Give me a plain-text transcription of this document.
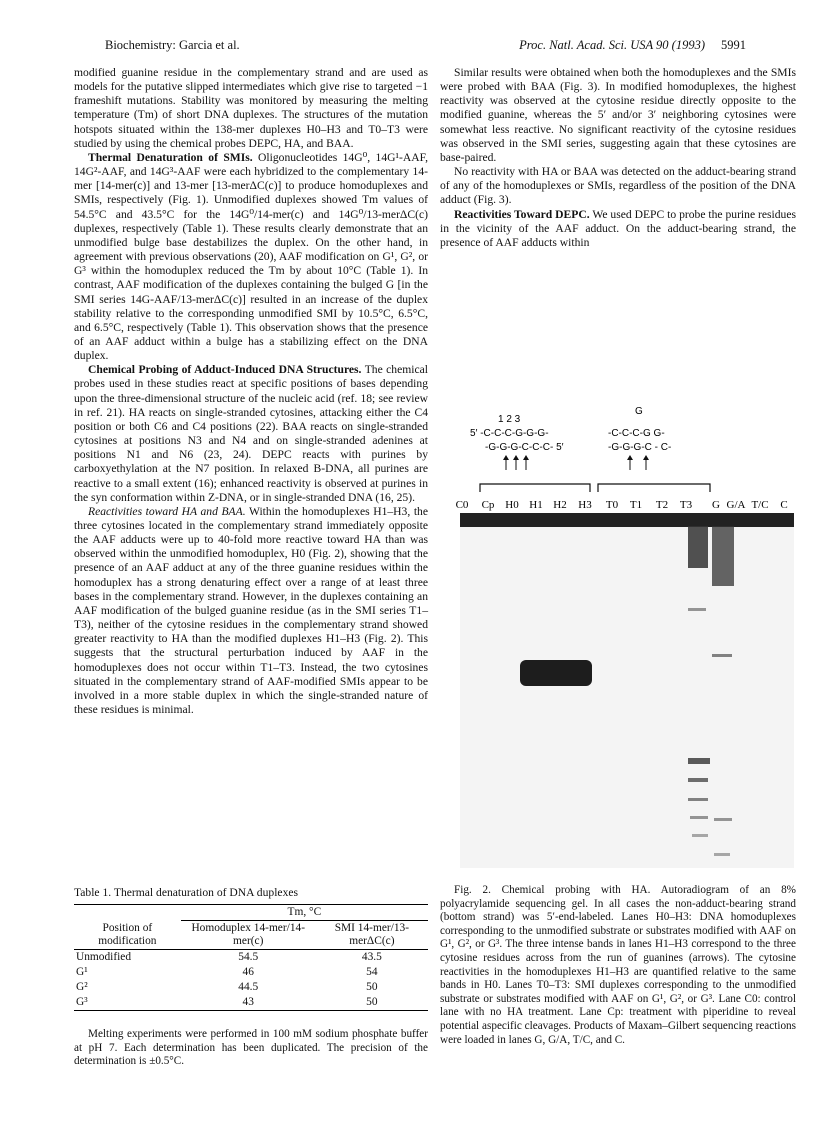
Biochemistry: Garcia et al.	Proc. Natl. Acad. Sci. USA 90 (1993) 5991

modified guanine residue in the complementary strand and are used as models for the putative slipped intermediates which give rise to targeted −1 frameshift mutations. Stability was monitored by measuring the melting temperature (Tm) of short DNA duplexes. The structures of the mutation hotspots situated within the 138-mer duplexes H0–H3 and T0–T3 were studied by using the chemical probes DEPC, HA, and BAA.

Thermal Denaturation of SMIs. Oligonucleotides 14G⁰, 14G¹-AAF, 14G²-AAF, and 14G³-AAF were each hybridized to the complementary 14-mer [14-mer(c)] and 13-mer [13-merΔC(c)] to produce homoduplexes and SMIs, respectively (Fig. 1). Unmodified duplexes showed Tm values of 54.5°C and 43.5°C for the 14G⁰/14-mer(c) and 14G⁰/13-merΔC(c) duplexes, respectively (Table 1). These results clearly demonstrate that an unmodified bulge base destabilizes the duplex. On the other hand, in agreement with previous observations (20), AAF modification on G¹, G², or G³ within the homoduplex reduced the Tm by about 10°C (Table 1). In contrast, AAF modification of the duplexes containing the bulged G [in the SMI series 14G-AAF/13-merΔC(c)] resulted in an increase of the duplex stability relative to the corresponding unmodified SMI by 10.5°C, 6.5°C, and 6.5°C, respectively (Table 1). This observation shows that the presence of an AAF adduct within a bulge has a stabilizing effect on the DNA duplex.

Chemical Probing of Adduct-Induced DNA Structures. The chemical probes used in these studies react at specific positions of bases depending upon the three-dimensional structure of the nucleic acid (ref. 18; see review in ref. 21). HA reacts on single-stranded cytosines, attacking either the C4 position or both C6 and C4 positions (22). BAA reacts on single-stranded cytosines at positions N3 and N4 and on single-stranded adenines at positions N1 and N6 (23, 24). DEPC reacts with purines by carboxyethylation at the N7 position. In relaxed B-DNA, all purines are reactive to a small extent (16); enhanced reactivity is observed at purines in the syn conformation within Z-DNA, or in single-stranded DNA (16, 25).

Reactivities toward HA and BAA. Within the homoduplexes H1–H3, the three cytosines located in the complementary strand immediately opposite the AAF adducts were up to 40-fold more reactive toward HA than was observed within the unmodified homoduplex, H0 (Fig. 2), showing that the presence of an AAF adduct at any of the three guanine residues within the homoduplex has a strong denaturing effect over a range of at least three bases in the complementary strand. However, in the duplexes containing an AAF modification of the bulged guanine residue (as in the SMI series T1–T3), neither of the cytosine residues in the complementary strand showed greater reactivity to HA than the modified duplexes H1–H3 (Fig. 2). This suggests that the structural perturbation induced by AAF in the homoduplexes does not occur within T1–T3. Instead, the two cytosines situated in the complementary strand of AAF-modified SMIs appear to be involved in a more stable duplex in which the single-stranded nature of these residues is minimal.

Table 1. Thermal denaturation of DNA duplexes
	Tm, °C	
Position of modification	Homoduplex 14-mer/14-mer(c)	SMI 14-mer/13-merΔC(c)
Unmodified	54.5	43.5
G¹	46	54
G²	44.5	50
G³	43	50

Melting experiments were performed in 100 mM sodium phosphate buffer at pH 7. Each determination has been duplicated. The precision of the determination is ±0.5°C.

Similar results were obtained when both the homoduplexes and the SMIs were probed with BAA (Fig. 3). In modified homoduplexes, the highest reactivity was observed at the cytosine residue directly opposite to the modified guanine, whereas the 5′ and/or 3′ neighboring cytosines were somewhat less reactive. No significant reactivity of the cytosine residues was observed in the SMI series, suggesting again that these cytosines are base-paired.

No reactivity with HA or BAA was detected on the adduct-bearing strand of any of the homoduplexes or SMIs, regardless of the position of the DNA adduct (Fig. 3).

Reactivities Toward DEPC. We used DEPC to probe the purine residues in the vicinity of the AAF adduct. On the adduct-bearing strand, the presence of AAF adducts within

1 2 3
5′ -C-C-C-G-G-G-
-G-G-G-C-C-C- 5′
G
-C-C-C-G G-
-G-G-G-C - C-
C0 Cp H0 H1 H2 H3 T0 T1 T2 T3 G G/A T/C C

Fig. 2. Chemical probing with HA. Autoradiogram of an 8% polyacrylamide sequencing gel. In all cases the non-adduct-bearing strand (bottom strand) was 5′-end-labeled. Lanes H0–H3: DNA homoduplexes corresponding to the unmodified substrate or substrates modified with AAF on G¹, G², or G³. The three intense bands in lanes H1–H3 correspond to the three cytosine residues across from the run of guanines (arrows). The cytosine reactivities in the homoduplexes H1–H3 are quantified relative to the same bands in H0. Lanes T0–T3: SMI duplexes corresponding to the unmodified substrate or substrates modified with AAF on G¹, G², or G³. Lane C0: control lane with no HA treatment. Lane Cp: treatment with piperidine to reveal potential aspecific cleavages. Products of Maxam–Gilbert sequencing reactions were loaded in lanes G, G/A, T/C, and C.
